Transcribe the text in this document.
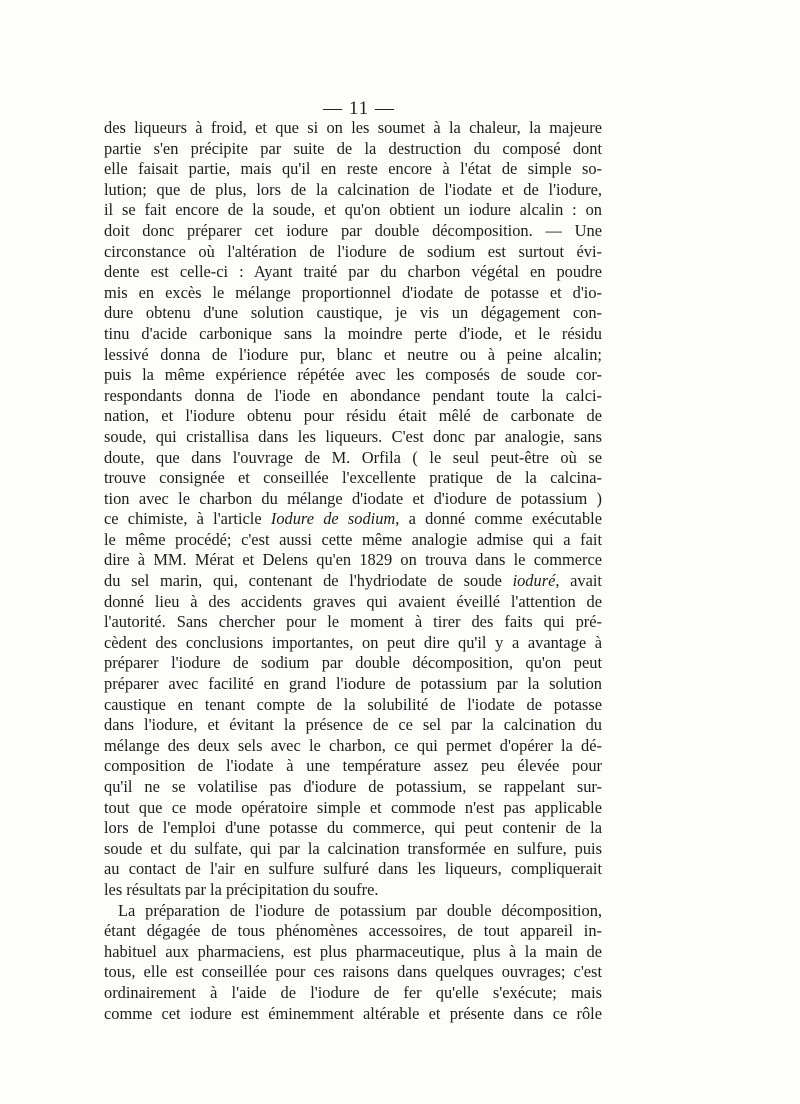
— 11 —
des liqueurs à froid, et que si on les soumet à la chaleur, la majeure
partie s'en précipite par suite de la destruction du composé dont
elle faisait partie, mais qu'il en reste encore à l'état de simple so-
lution; que de plus, lors de la calcination de l'iodate et de l'iodure,
il se fait encore de la soude, et qu'on obtient un iodure alcalin : on
doit donc préparer cet iodure par double décomposition. — Une
circonstance où l'altération de l'iodure de sodium est surtout évi-
dente est celle-ci : Ayant traité par du charbon végétal en poudre
mis en excès le mélange proportionnel d'iodate de potasse et d'io-
dure obtenu d'une solution caustique, je vis un dégagement con-
tinu d'acide carbonique sans la moindre perte d'iode, et le résidu
lessivé donna de l'iodure pur, blanc et neutre ou à peine alcalin;
puis la même expérience répétée avec les composés de soude cor-
respondants donna de l'iode en abondance pendant toute la calci-
nation, et l'iodure obtenu pour résidu était mêlé de carbonate de
soude, qui cristallisa dans les liqueurs. C'est donc par analogie, sans
doute, que dans l'ouvrage de M. Orfila ( le seul peut-être où se
trouve consignée et conseillée l'excellente pratique de la calcina-
tion avec le charbon du mélange d'iodate et d'iodure de potassium )
ce chimiste, à l'article Iodure de sodium, a donné comme exécutable
le même procédé; c'est aussi cette même analogie admise qui a fait
dire à MM. Mérat et Delens qu'en 1829 on trouva dans le commerce
du sel marin, qui, contenant de l'hydriodate de soude ioduré, avait
donné lieu à des accidents graves qui avaient éveillé l'attention de
l'autorité. Sans chercher pour le moment à tirer des faits qui pré-
cèdent des conclusions importantes, on peut dire qu'il y a avantage à
préparer l'iodure de sodium par double décomposition, qu'on peut
préparer avec facilité en grand l'iodure de potassium par la solution
caustique en tenant compte de la solubilité de l'iodate de potasse
dans l'iodure, et évitant la présence de ce sel par la calcination du
mélange des deux sels avec le charbon, ce qui permet d'opérer la dé-
composition de l'iodate à une température assez peu élevée pour
qu'il ne se volatilise pas d'iodure de potassium, se rappelant sur-
tout que ce mode opératoire simple et commode n'est pas applicable
lors de l'emploi d'une potasse du commerce, qui peut contenir de la
soude et du sulfate, qui par la calcination transformée en sulfure, puis
au contact de l'air en sulfure sulfuré dans les liqueurs, compliquerait
les résultats par la précipitation du soufre.
La préparation de l'iodure de potassium par double décomposition,
étant dégagée de tous phénomènes accessoires, de tout appareil in-
habituel aux pharmaciens, est plus pharmaceutique, plus à la main de
tous, elle est conseillée pour ces raisons dans quelques ouvrages; c'est
ordinairement à l'aide de l'iodure de fer qu'elle s'exécute; mais
comme cet iodure est éminemment altérable et présente dans ce rôle
